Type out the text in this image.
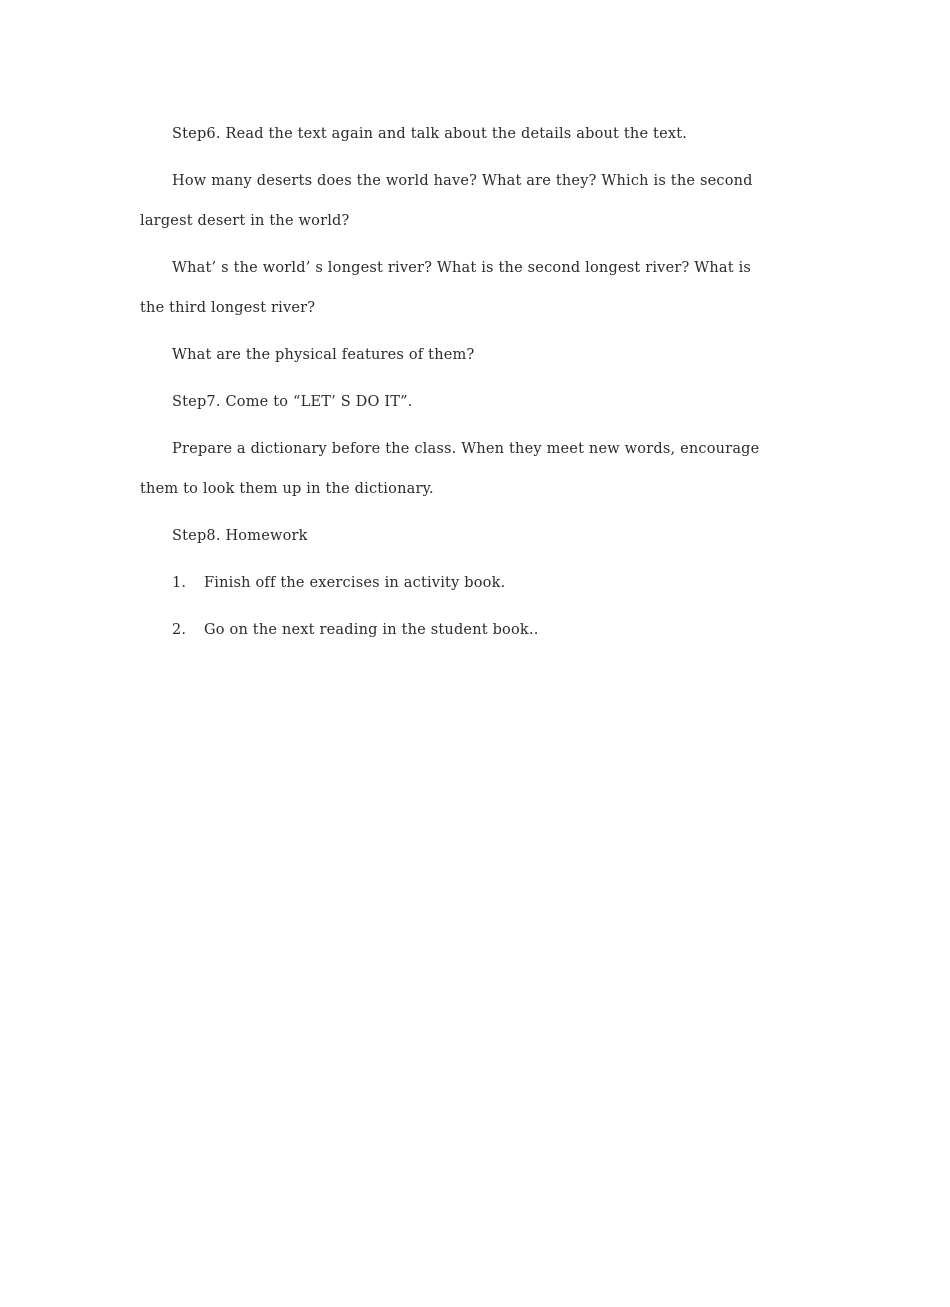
Step6. Read the text again and talk about the details about the text.
How many deserts does the world have? What are they? Which is the second
largest desert in the world?
What’ s the world’ s longest river? What is the second longest river? What is
the third longest river?
What are the physical features of them?
Step7. Come to “LET’ S DO IT”.
Prepare a dictionary before the class. When they meet new words, encourage
them to look them up in the dictionary.
Step8. Homework
1. Finish off the exercises in activity book.
2. Go on the next reading in the student book..
